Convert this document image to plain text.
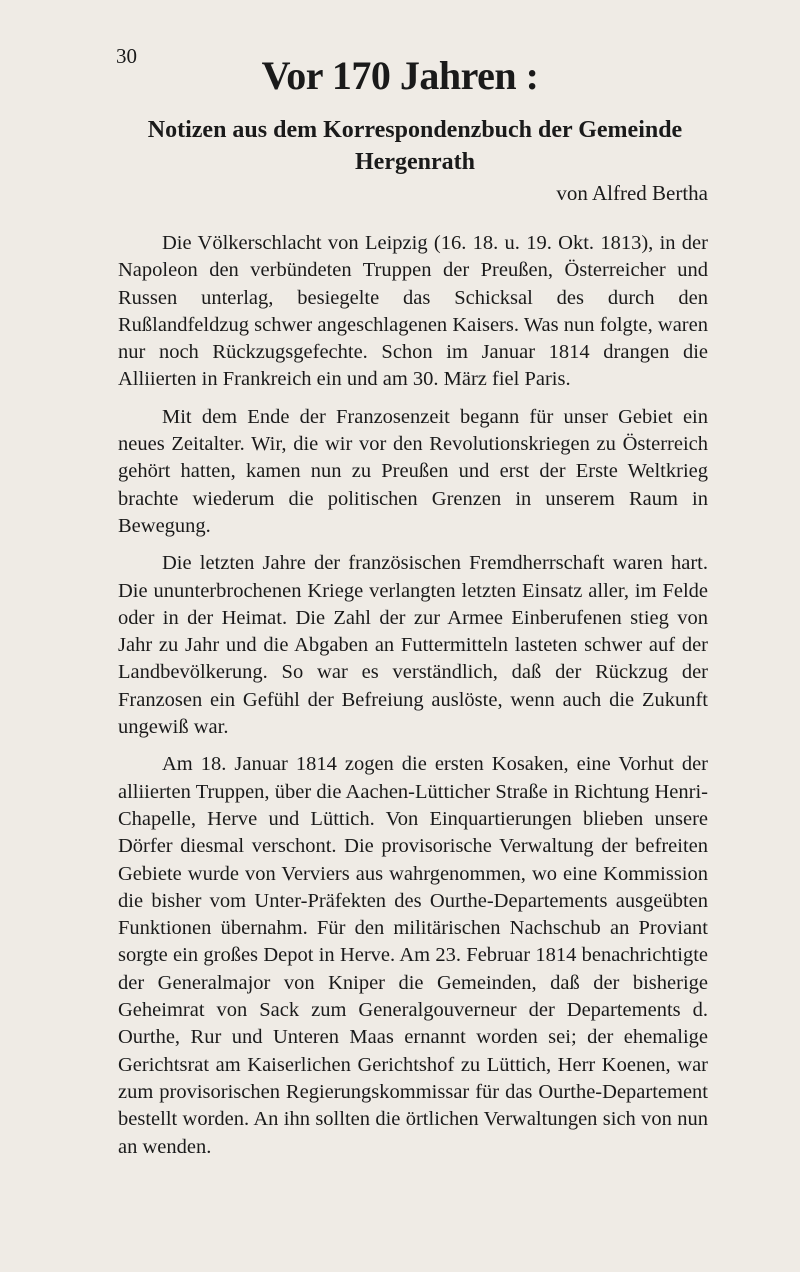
30	Vor 170 Jahren :
Notizen aus dem Korrespondenzbuch der Gemeinde Hergenrath
von Alfred Bertha

Die Völkerschlacht von Leipzig (16. 18. u. 19. Okt. 1813), in der Napoleon den verbündeten Truppen der Preußen, Österreicher und Russen unterlag, besiegelte das Schicksal des durch den Rußlandfeldzug schwer angeschlagenen Kaisers. Was nun folgte, waren nur noch Rückzugsgefechte. Schon im Januar 1814 drangen die Alliierten in Frankreich ein und am 30. März fiel Paris.

Mit dem Ende der Franzosenzeit begann für unser Gebiet ein neues Zeitalter. Wir, die wir vor den Revolutionskriegen zu Österreich gehört hatten, kamen nun zu Preußen und erst der Erste Weltkrieg brachte wiederum die politischen Grenzen in unserem Raum in Bewegung.

Die letzten Jahre der französischen Fremdherrschaft waren hart. Die ununterbrochenen Kriege verlangten letzten Einsatz aller, im Felde oder in der Heimat. Die Zahl der zur Armee Einberufenen stieg von Jahr zu Jahr und die Abgaben an Futtermitteln lasteten schwer auf der Landbevölkerung. So war es verständlich, daß der Rückzug der Franzosen ein Gefühl der Befreiung auslöste, wenn auch die Zukunft ungewiß war.

Am 18. Januar 1814 zogen die ersten Kosaken, eine Vorhut der alliierten Truppen, über die Aachen-Lütticher Straße in Richtung Henri-Chapelle, Herve und Lüttich. Von Einquartierungen blieben unsere Dörfer diesmal verschont. Die provisorische Verwaltung der befreiten Gebiete wurde von Verviers aus wahrgenommen, wo eine Kommission die bisher vom Unter-Präfekten des Ourthe-Departements ausgeübten Funktionen übernahm. Für den militärischen Nachschub an Proviant sorgte ein großes Depot in Herve. Am 23. Februar 1814 benachrichtigte der Generalmajor von Kniper die Gemeinden, daß der bisherige Geheimrat von Sack zum Generalgouverneur der Departements d. Ourthe, Rur und Unteren Maas ernannt worden sei; der ehemalige Gerichtsrat am Kaiserlichen Gerichtshof zu Lüttich, Herr Koenen, war zum provisorischen Regierungskommissar für das Ourthe-Departement bestellt worden. An ihn sollten die örtlichen Verwaltungen sich von nun an wenden.
